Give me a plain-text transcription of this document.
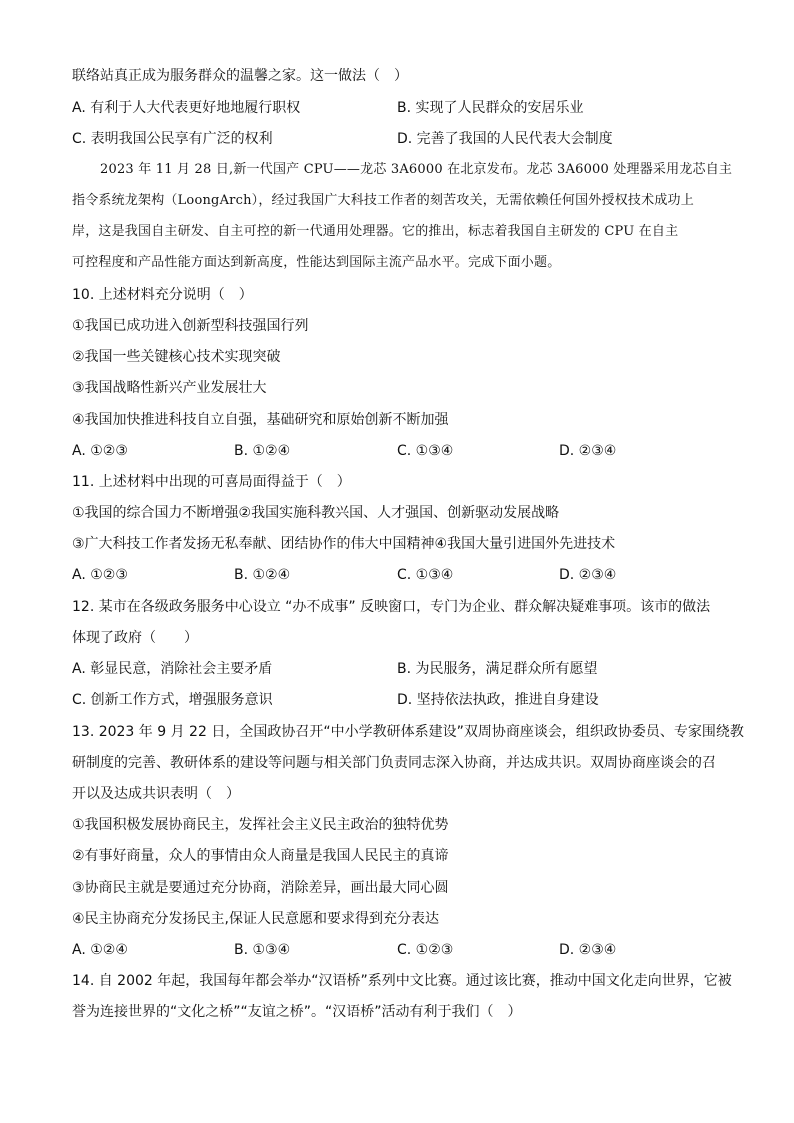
联络站真正成为服务群众的温馨之家。这一做法（　）
A. 有利于人大代表更好地地履行职权	B. 实现了人民群众的安居乐业
C. 表明我国公民享有广泛的权利	D. 完善了我国的人民代表大会制度
2023 年 11 月 28 日,新一代国产 CPU——龙芯 3A6000 在北京发布。龙芯 3A6000 处理器采用龙芯自主
指令系统龙架构（LoongArch），经过我国广大科技工作者的刻苦攻关，无需依赖任何国外授权技术成功上
岸，这是我国自主研发、自主可控的新一代通用处理器。它的推出，标志着我国自主研发的 CPU 在自主
可控程度和产品性能方面达到新高度，性能达到国际主流产品水平。完成下面小题。
10. 上述材料充分说明（　）
①我国已成功进入创新型科技强国行列
②我国一些关键核心技术实现突破
③我国战略性新兴产业发展壮大
④我国加快推进科技自立自强，基础研究和原始创新不断加强
A. ①②③	B. ①②④	C. ①③④	D. ②③④
11. 上述材料中出现的可喜局面得益于（　）
①我国的综合国力不断增强②我国实施科教兴国、人才强国、创新驱动发展战略
③广大科技工作者发扬无私奉献、团结协作的伟大中国精神④我国大量引进国外先进技术
A. ①②③	B. ①②④	C. ①③④	D. ②③④
12. 某市在各级政务服务中心设立 “办不成事” 反映窗口，专门为企业、群众解决疑难事项。该市的做法
体现了政府（　　）
A. 彰显民意，消除社会主要矛盾	B. 为民服务，满足群众所有愿望
C. 创新工作方式，增强服务意识	D. 坚持依法执政，推进自身建设
13. 2023 年 9 月 22 日，全国政协召开“中小学教研体系建设”双周协商座谈会，组织政协委员、专家围绕教
研制度的完善、教研体系的建设等问题与相关部门负责同志深入协商，并达成共识。双周协商座谈会的召
开以及达成共识表明（　）
①我国积极发展协商民主，发挥社会主义民主政治的独特优势
②有事好商量，众人的事情由众人商量是我国人民民主的真谛
③协商民主就是要通过充分协商，消除差异，画出最大同心圆
④民主协商充分发扬民主,保证人民意愿和要求得到充分表达
A. ①②④	B. ①③④	C. ①②③	D. ②③④
14. 自 2002 年起，我国每年都会举办“汉语桥”系列中文比赛。通过该比赛，推动中国文化走向世界，它被
誉为连接世界的“文化之桥”“友谊之桥”。“汉语桥”活动有利于我们（　）
